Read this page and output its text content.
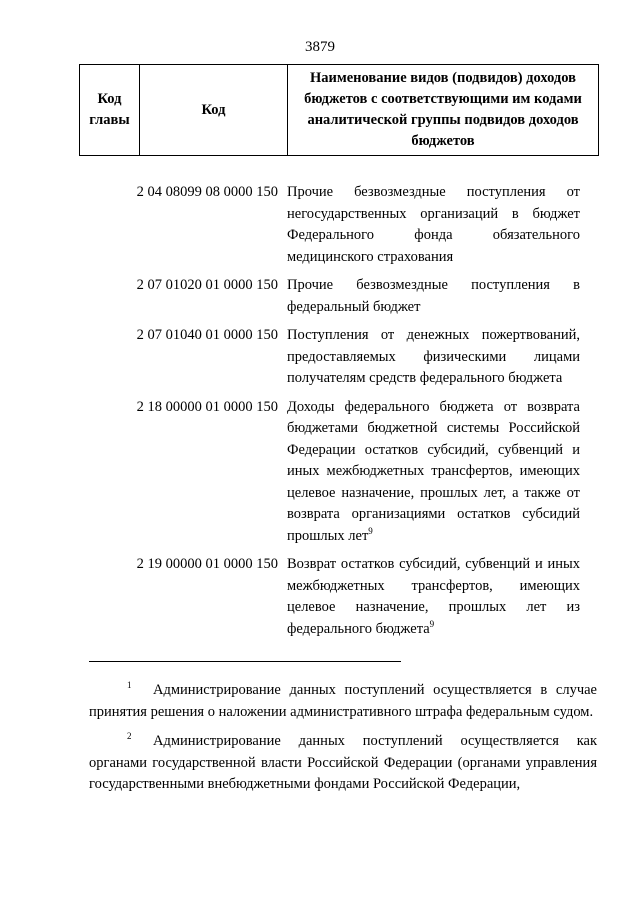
3879
Код главы	Код	Наименование видов (подвидов) доходов бюджетов с соответствующими им кодами аналитической группы подвидов доходов бюджетов
2 04 08099 08 0000 150 Прочие безвозмездные поступления от негосударственных организаций в бюджет Федерального фонда обязательного медицинского страхования
2 07 01020 01 0000 150 Прочие безвозмездные поступления в федеральный бюджет
2 07 01040 01 0000 150 Поступления от денежных пожертвований, предоставляемых физическими лицами получателям средств федерального бюджета
2 18 00000 01 0000 150 Доходы федерального бюджета от возврата бюджетами бюджетной системы Российской Федерации остатков субсидий, субвенций и иных межбюджетных трансфертов, имеющих целевое назначение, прошлых лет, а также от возврата организациями остатков субсидий прошлых лет$^9$
2 19 00000 01 0000 150 Возврат остатков субсидий, субвенций и иных межбюджетных трансфертов, имеющих целевое назначение, прошлых лет из федерального бюджета$^9$
$^1$ Администрирование данных поступлений осуществляется в случае принятия решения о наложении административного штрафа федеральным судом.
$^2$ Администрирование данных поступлений осуществляется как органами государственной власти Российской Федерации (органами управления государственными внебюджетными фондами Российской Федерации,
